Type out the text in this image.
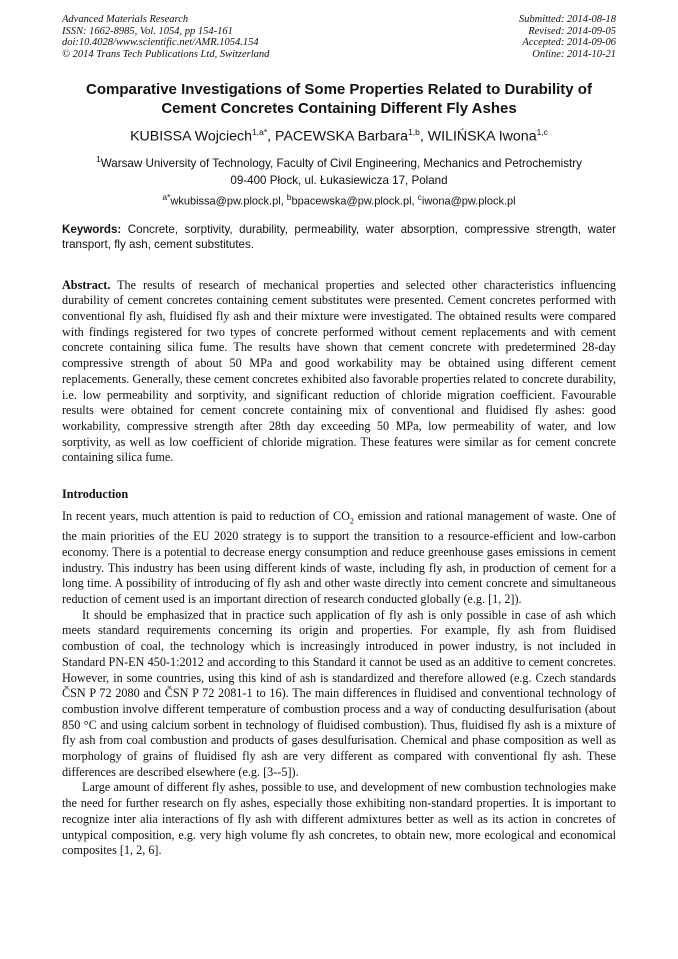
Advanced Materials Research
ISSN: 1662-8985, Vol. 1054, pp 154-161
doi:10.4028/www.scientific.net/AMR.1054.154
© 2014 Trans Tech Publications Ltd, Switzerland
Submitted: 2014-08-18
Revised: 2014-09-05
Accepted: 2014-09-06
Online: 2014-10-21
Comparative Investigations of Some Properties Related to Durability of
Cement Concretes Containing Different Fly Ashes
KUBISSA Wojciech$^{1,a*}$, PACEWSKA Barbara$^{1,b}$, WILIŃSKA Iwona$^{1,c}$
$^1$Warsaw University of Technology, Faculty of Civil Engineering, Mechanics and Petrochemistry
09-400 Płock, ul. Łukasiewicza 17, Poland
$^{a*}$wkubissa@pw.plock.pl, $^b$bpacewska@pw.plock.pl, $^c$iwona@pw.plock.pl
Keywords: Concrete, sorptivity, durability, permeability, water absorption, compressive strength, water transport, fly ash, cement substitutes.
Abstract. The results of research of mechanical properties and selected other characteristics influencing durability of cement concretes containing cement substitutes were presented. Cement concretes performed with conventional fly ash, fluidised fly ash and their mixture were investigated. The obtained results were compared with findings registered for two types of concrete performed without cement replacements and with cement concrete containing silica fume. The results have shown that cement concrete with predetermined 28-day compressive strength of about 50 MPa and good workability may be obtained using different cement replacements. Generally, these cement concretes exhibited also favorable properties related to concrete durability, i.e. low permeability and sorptivity, and significant reduction of chloride migration coefficient. Favourable results were obtained for cement concrete containing mix of conventional and fluidised fly ashes: good workability, compressive strength after 28th day exceeding 50 MPa, low permeability of water, and low sorptivity, as well as low coefficient of chloride migration. These features were similar as for cement concrete containing silica fume.
Introduction

In recent years, much attention is paid to reduction of $CO_2$ emission and rational management of waste. One of the main priorities of the EU 2020 strategy is to support the transition to a resource-efficient and low-carbon economy. There is a potential to decrease energy consumption and reduce greenhouse gases emissions in cement industry. This industry has been using different kinds of waste, including fly ash, in production of cement for a long time. A possibility of introducing of fly ash and other waste directly into cement concrete and simultaneous reduction of cement used is an important direction of research conducted globally (e.g. [1, 2]).

It should be emphasized that in practice such application of fly ash is only possible in case of ash which meets standard requirements concerning its origin and properties. For example, fly ash from fluidised combustion of coal, the technology which is increasingly introduced in power industry, is not included in Standard PN-EN 450-1:2012 and according to this Standard it cannot be used as an additive to cement concretes. However, in some countries, using this kind of ash is standardized and therefore allowed (e.g. Czech standards ČSN P 72 2080 and ČSN P 72 2081-1 to 16). The main differences in fluidised and conventional technology of combustion involve different temperature of combustion process and a way of conducting desulfurisation (about 850 °C and using calcium sorbent in technology of fluidised combustion). Thus, fluidised fly ash is a mixture of fly ash from coal combustion and products of gases desulfurisation. Chemical and phase composition as well as morphology of grains of fluidised fly ash are very different as compared with conventional fly ash. These differences are described elsewhere (e.g. [3--5]).

Large amount of different fly ashes, possible to use, and development of new combustion technologies make the need for further research on fly ashes, especially those exhibiting non-standard properties. It is important to recognize inter alia interactions of fly ash with different admixtures better as well as its action in concretes of untypical composition, e.g. very high volume fly ash concretes, to obtain new, more ecological and economical composites [1, 2, 6].
